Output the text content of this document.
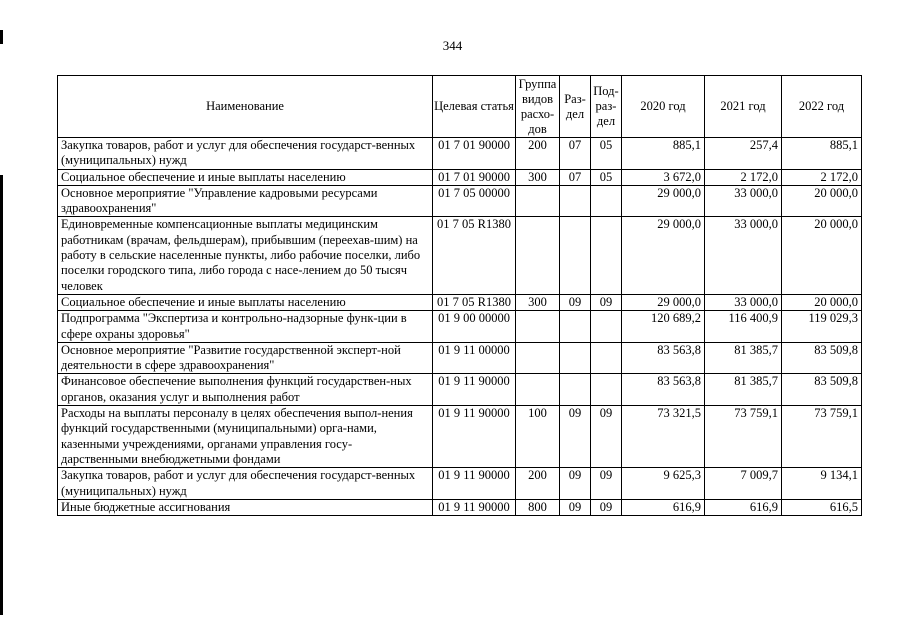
344
Наименование	Целевая статья	Группа видов расхо-дов	Раз-дел	Под-раз-дел	2020 год	2021 год	2022 год
Закупка товаров, работ и услуг для обеспечения государст-венных (муниципальных) нужд	01 7 01 90000	200	07	05	885,1	257,4	885,1
Социальное обеспечение и иные выплаты населению	01 7 01 90000	300	07	05	3 672,0	2 172,0	2 172,0
Основное мероприятие "Управление кадровыми ресурсами здравоохранения"	01 7 05 00000				29 000,0	33 000,0	20 000,0
Единовременные компенсационные выплаты медицинским работникам (врачам, фельдшерам), прибывшим (переехав-шим) на работу в сельские населенные пункты, либо рабочие поселки, либо поселки городского типа, либо города с насе-лением до 50 тысяч человек	01 7 05 R1380				29 000,0	33 000,0	20 000,0
Социальное обеспечение и иные выплаты населению	01 7 05 R1380	300	09	09	29 000,0	33 000,0	20 000,0
Подпрограмма "Экспертиза и контрольно-надзорные функ-ции в сфере охраны здоровья"	01 9 00 00000				120 689,2	116 400,9	119 029,3
Основное мероприятие "Развитие государственной эксперт-ной деятельности в сфере здравоохранения"	01 9 11 00000				83 563,8	81 385,7	83 509,8
Финансовое обеспечение выполнения функций государствен-ных органов, оказания услуг и выполнения работ	01 9 11 90000				83 563,8	81 385,7	83 509,8
Расходы на выплаты персоналу в целях обеспечения выпол-нения функций государственными (муниципальными) орга-нами, казенными учреждениями, органами управления госу-дарственными внебюджетными фондами	01 9 11 90000	100	09	09	73 321,5	73 759,1	73 759,1
Закупка товаров, работ и услуг для обеспечения государст-венных (муниципальных) нужд	01 9 11 90000	200	09	09	9 625,3	7 009,7	9 134,1
Иные бюджетные ассигнования	01 9 11 90000	800	09	09	616,9	616,9	616,5
